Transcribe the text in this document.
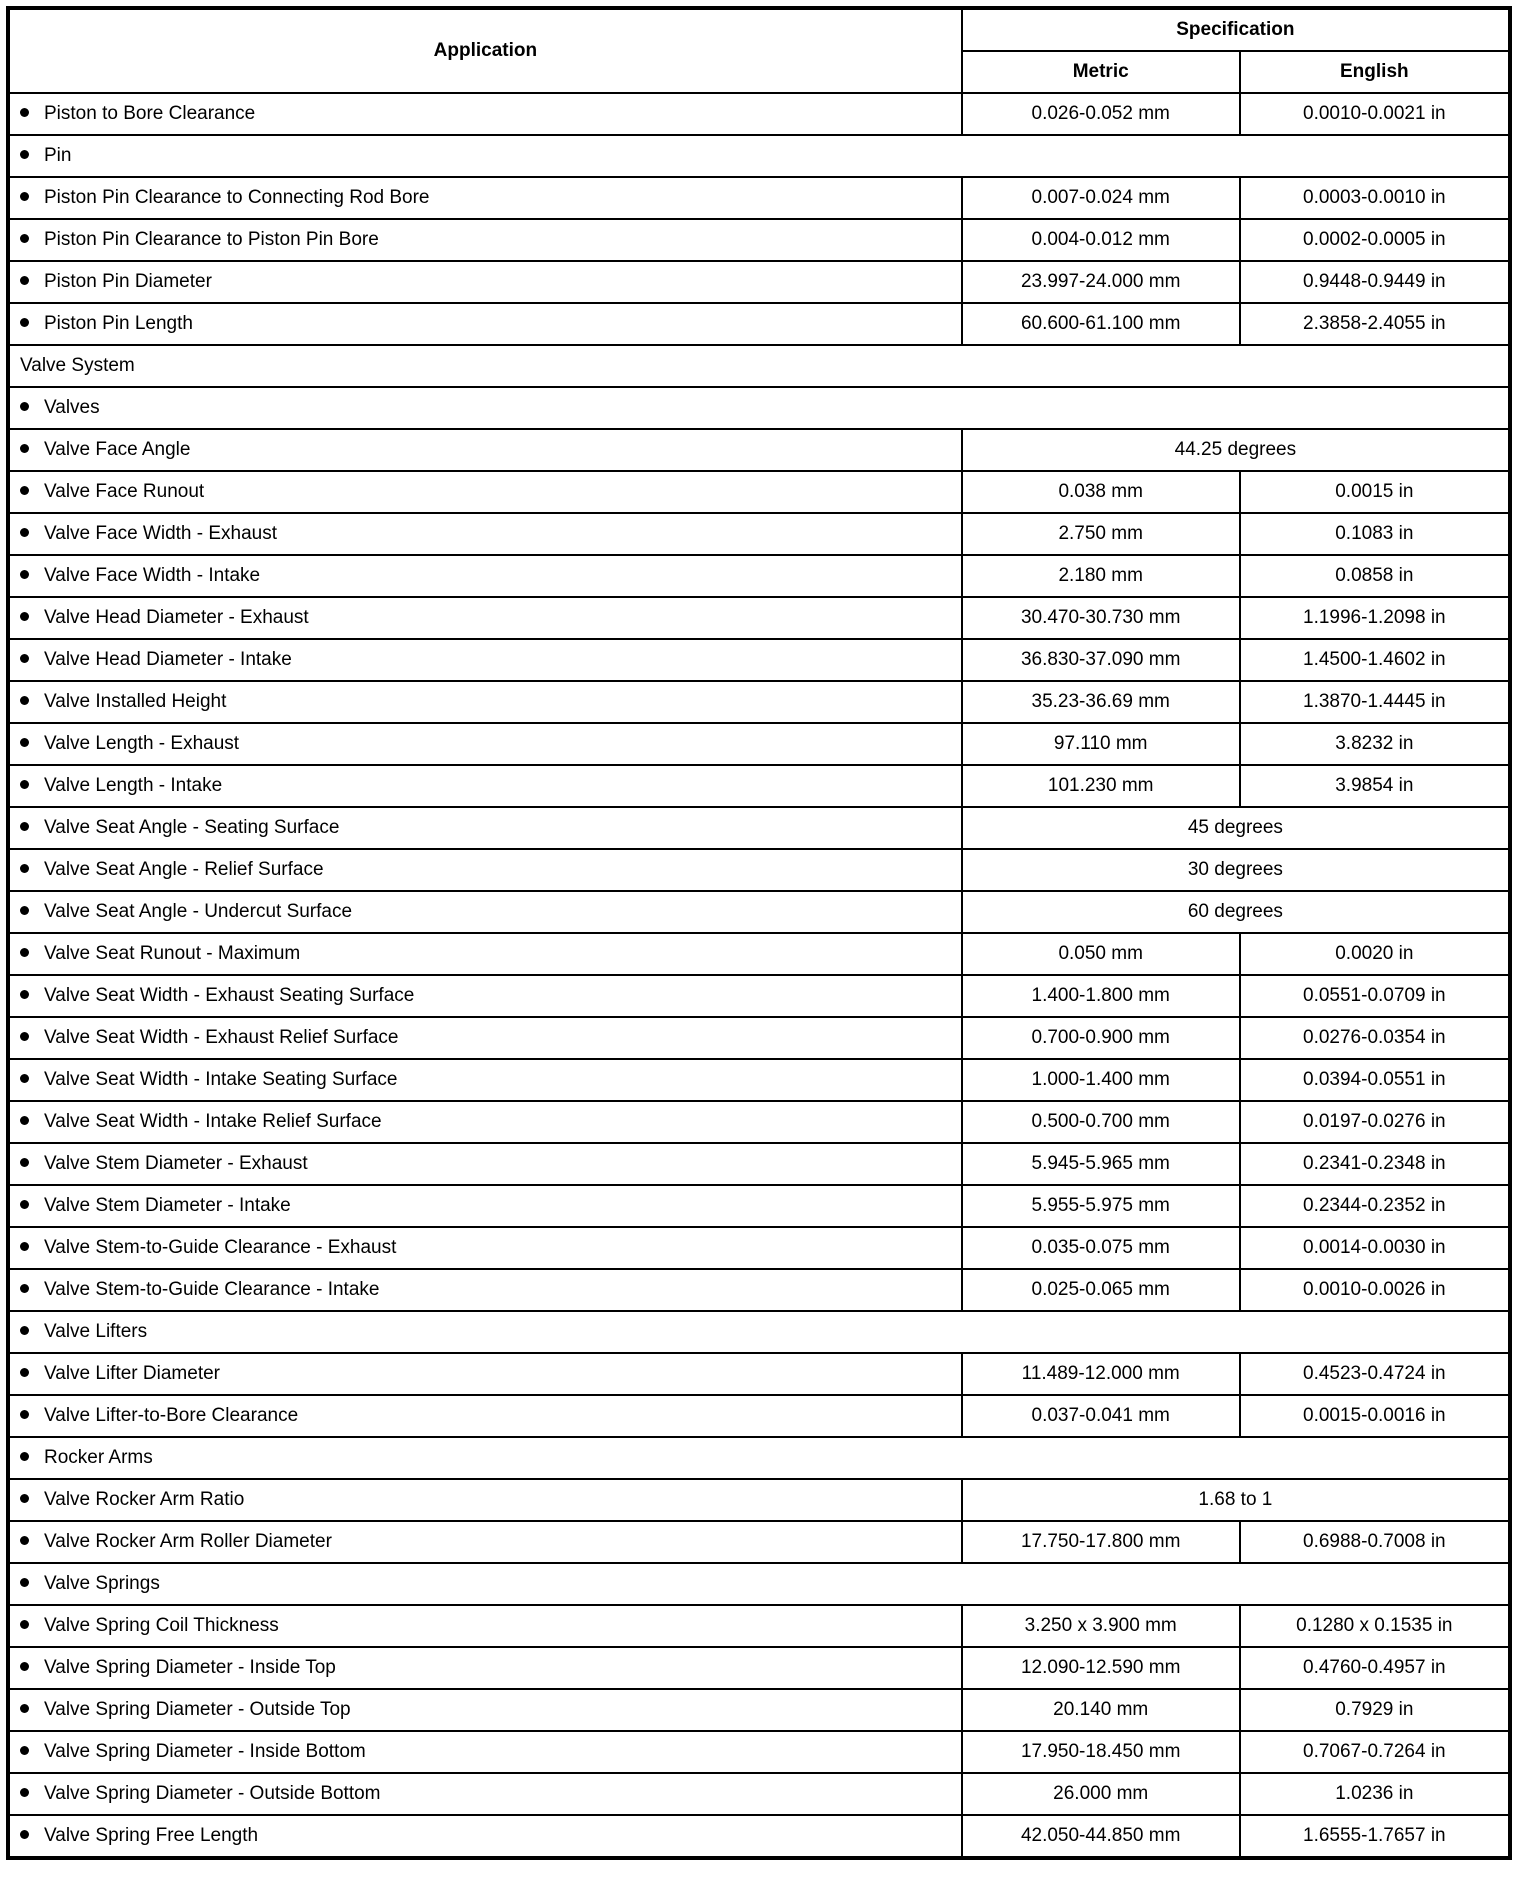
Application	Specification	
	Metric	English
Piston to Bore Clearance	0.026-0.052 mm	0.0010-0.0021 in
Pin		
Piston Pin Clearance to Connecting Rod Bore	0.007-0.024 mm	0.0003-0.0010 in
Piston Pin Clearance to Piston Pin Bore	0.004-0.012 mm	0.0002-0.0005 in
Piston Pin Diameter	23.997-24.000 mm	0.9448-0.9449 in
Piston Pin Length	60.600-61.100 mm	2.3858-2.4055 in
Valve System		
Valves		
Valve Face Angle	44.25 degrees	
Valve Face Runout	0.038 mm	0.0015 in
Valve Face Width - Exhaust	2.750 mm	0.1083 in
Valve Face Width - Intake	2.180 mm	0.0858 in
Valve Head Diameter - Exhaust	30.470-30.730 mm	1.1996-1.2098 in
Valve Head Diameter - Intake	36.830-37.090 mm	1.4500-1.4602 in
Valve Installed Height	35.23-36.69 mm	1.3870-1.4445 in
Valve Length - Exhaust	97.110 mm	3.8232 in
Valve Length - Intake	101.230 mm	3.9854 in
Valve Seat Angle - Seating Surface	45 degrees	
Valve Seat Angle - Relief Surface	30 degrees	
Valve Seat Angle - Undercut Surface	60 degrees	
Valve Seat Runout - Maximum	0.050 mm	0.0020 in
Valve Seat Width - Exhaust Seating Surface	1.400-1.800 mm	0.0551-0.0709 in
Valve Seat Width - Exhaust Relief Surface	0.700-0.900 mm	0.0276-0.0354 in
Valve Seat Width - Intake Seating Surface	1.000-1.400 mm	0.0394-0.0551 in
Valve Seat Width - Intake Relief Surface	0.500-0.700 mm	0.0197-0.0276 in
Valve Stem Diameter - Exhaust	5.945-5.965 mm	0.2341-0.2348 in
Valve Stem Diameter - Intake	5.955-5.975 mm	0.2344-0.2352 in
Valve Stem-to-Guide Clearance - Exhaust	0.035-0.075 mm	0.0014-0.0030 in
Valve Stem-to-Guide Clearance - Intake	0.025-0.065 mm	0.0010-0.0026 in
Valve Lifters		
Valve Lifter Diameter	11.489-12.000 mm	0.4523-0.4724 in
Valve Lifter-to-Bore Clearance	0.037-0.041 mm	0.0015-0.0016 in
Rocker Arms		
Valve Rocker Arm Ratio	1.68 to 1	
Valve Rocker Arm Roller Diameter	17.750-17.800 mm	0.6988-0.7008 in
Valve Springs		
Valve Spring Coil Thickness	3.250 x 3.900 mm	0.1280 x 0.1535 in
Valve Spring Diameter - Inside Top	12.090-12.590 mm	0.4760-0.4957 in
Valve Spring Diameter - Outside Top	20.140 mm	0.7929 in
Valve Spring Diameter - Inside Bottom	17.950-18.450 mm	0.7067-0.7264 in
Valve Spring Diameter - Outside Bottom	26.000 mm	1.0236 in
Valve Spring Free Length	42.050-44.850 mm	1.6555-1.7657 in
